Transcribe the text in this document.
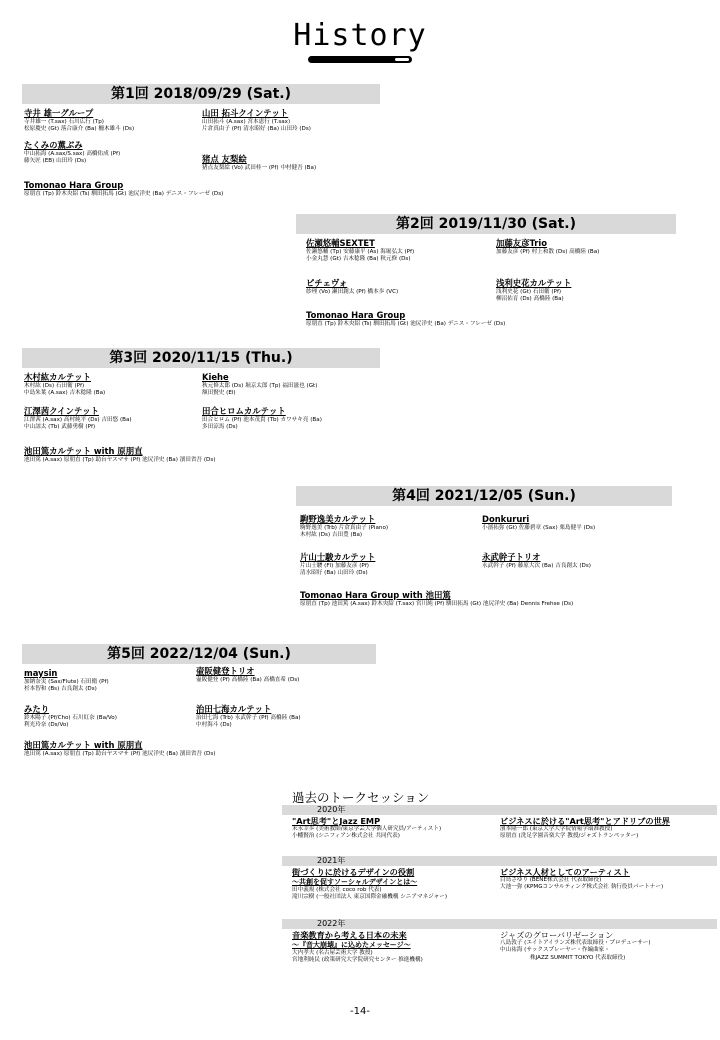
History
第1回 2018/09/29 (Sat.)
寺井 雄一グループ
寺井雄一 (T.sax) 石川広行 (Tp)
松原慶史 (Gt) 落合康介 (Ba) 柵木雄斗 (Ds)
山田 拓斗クインテット
山田拓斗 (A.sax) 宮本恵行 (T.sax)
片倉真由子 (Pf) 清水昭好 (Ba) 山田玲 (Ds)
たくみの薫ぶみ
中山拓海 (A.sax/S.sax) 高橋佑成 (Pf)
藤矢匠 (EB) 山田玲 (Ds)	猪点 友梨絵
猪点友梨絵 (Vo) 武田桂一 (Pf) 中村健吾 (Ba)
Tomonao Hara Group
原朋直 (Tp) 鈴木央紹 (Ts) 馴田拓馬 (Gt) 池尻洋史 (Ba) デニス・フレーゼ (Ds)
第2回 2019/11/30 (Sat.)
佐瀬悠輔SEXTET
佐瀬悠輔 (Tp) 安藤康平 (As) 海堀弘太 (Pf)
小金丸慧 (Gt) 吉木稔隆 (Ba) 秋元修 (Ds)
加藤友彦Trio
加藤友彦 (Pf) 村上和散 (Ds) 高橋陸 (Ba)
ピチェヴォ
紗理 (Vo) 瀬田創太 (Pf) 橋本歩 (VC)
浅利史花カルテット
浅利史花 (Gt) 石田衛 (Pf)
柳沼佑育 (Ds) 高橋陸 (Ba)
Tomonao Hara Group
原朋直 (Tp) 鈴木央紹 (Ts) 馴田拓馬 (Gt) 池尻洋史 (Ba) デニス・フレーゼ (Ds)
第3回 2020/11/15 (Thu.)
木村紘カルテット
木村紘 (Ds) 石田衛 (Pf)
中島朱葉 (A.sax) 吉木稔隆 (Ba)
Kiehe
秋元修太郎 (Ds) 堀京太郎 (Tp) 福田滋也 (Gt)
額田賢史 (El)
江澤茜クインテット
江澤茜 (A.sax) 高村純平 (Ds) 吉田悠 (Ba)
中山諒太 (Tb) 武藤勇樹 (Pf)
田合ヒロムカルテット
田合ヒロム (Pf) 池本茂貴 (Tb) カワサキ亮 (Ba)
多田涼馬 (Ds)
池田篤カルテット with 原朋直
池田篤 (A.sax) 原朋直 (Tp) 助台ヤスマサ (Pf) 池尻洋史 (Ba) 濱田省吾 (Ds)
第4回 2021/12/05 (Sun.)
駒野逸美カルテット
駒野逸美 (Trb) 片倉真由子 (Piano)
木村紘 (Ds) 吉田豊 (Ba)
Donkururi
小濱拓弥 (Gt) 佐藤碧章 (Sax) 栗島健平 (Ds)
片山士駿カルテット
片山士駿 (Fl) 加藤友彦 (Pf)
清水昭好 (Ba) 山田玲 (Ds)
永武幹子トリオ
永武幹子 (Pf) 藤原大次 (Ba) 吉良創太 (Ds)
Tomonao Hara Group with 池田篤
原朋直 (Tp) 池田篤 (A.sax) 鈴木央紹 (T.sax) 宮川純 (Pf) 馴田拓馬 (Gt) 池尻洋史 (Ba) Dennis Frehse (Ds)
第5回 2022/12/04 (Sun.)
maysin
加納奈実 (Sax/Flute) 石田衛 (Pf)
杉本智和 (Bs) 吉良創太 (Ds)
壷阪健登トリオ
壷阪健登 (Pf) 高橋陸 (Ba) 髙橋直希 (Ds)
みたり
鈴木陽子 (Pf/Cho) 石川紅奈 (Ba/Vo)
利光玲奈 (Ds/Vo)
治田七海カルテット
治田七海 (Trb) 永武幹子 (Pf) 高橋陸 (Ba)
中村海斗 (Ds)
池田篤カルテット with 原朋直
池田篤 (A.sax) 原朋直 (Tp) 助台ヤスマサ (Pf) 池尻洋史 (Ba) 濱田省吾 (Ds)
過去のトークセッション
2020年
"Art思考"とJazz EMP
末永幸歩 (美術教師/東京学芸大学個人研究員/アーティスト)
小幡賢治 (シニフィアン株式会社 共同代表)
ビジネスに於ける"Art思考"とアドリブの世界
濱本隆一郎 (東京大学大学院情報学環准教授)
原朋直 (洗足学園音楽大学 教授/ジャズトランペッター)
2021年
街づくりに於けるデザインの役割
～共創を促すソーシャルデザインとは～
田中義規 (株式会社 coco rob 代表)
滝川宗樹 (一般社団法人 東京国際金融機構 シニアマネジャー)
ビジネス人材としてのアーティスト
白鳥さゆり (BENE株式会社 代表取締役)
大池一弥 (KPMGコンサルティング株式会社 執行役員パートナー)
2022年
音楽教育から考える日本の未来
～『音大崩壊』に込めたメッセージ～
大内孝夫 (名古屋芸術大学 教授)
宮地利純民 (政策研究大学院研究センター 推進機構)
ジャズのグローバリゼーション
八島敦子 (エイトアイランズ株代表取締役・プロデューサー)
中山祐海 (サックスプレーヤー・作編曲家・
株JAZZ SUMMIT TOKYO 代表取締役)
-14-
